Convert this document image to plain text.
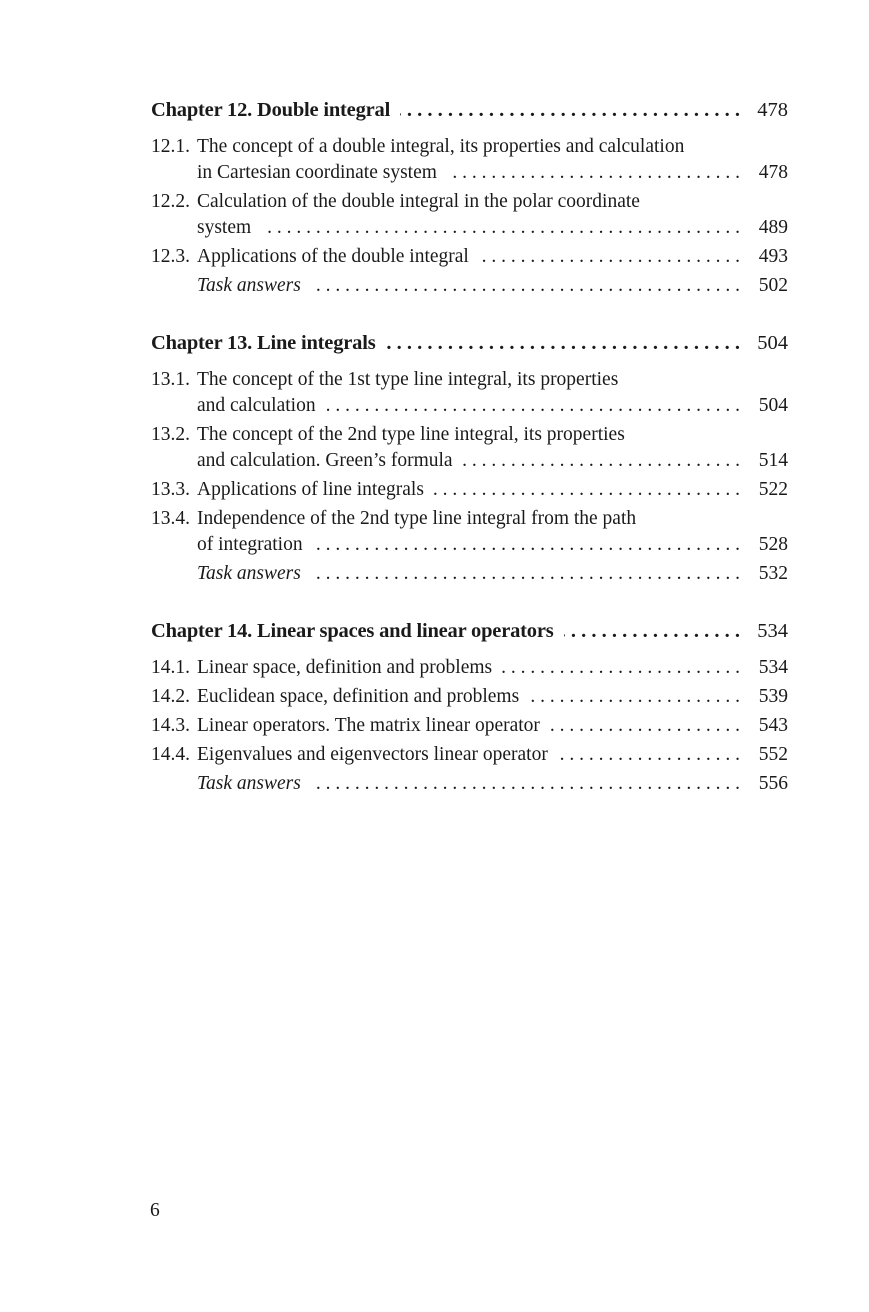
Chapter 12. Double integral . . .	478
12.1. The concept of a double integral, its properties and calculation
in Cartesian coordinate system . . .	478
12.2. Calculation of the double integral in the polar coordinate
system . . .	489
12.3. Applications of the double integral . . .	493
Task answers . . .	502
Chapter 13. Line integrals . . .	504
13.1. The concept of the 1st type line integral, its properties
and calculation . . .	504
13.2. The concept of the 2nd type line integral, its properties
and calculation. Green’s formula . . .	514
13.3. Applications of line integrals . . .	522
13.4. Independence of the 2nd type line integral from the path
of integration . . .	528
Task answers . . .	532
Chapter 14. Linear spaces and linear operators . . .	534
14.1. Linear space, definition and problems . . .	534
14.2. Euclidean space, definition and problems . . .	539
14.3. Linear operators. The matrix linear operator . . .	543
14.4. Eigenvalues and eigenvectors linear operator . . .	552
Task answers . . .	556
6
